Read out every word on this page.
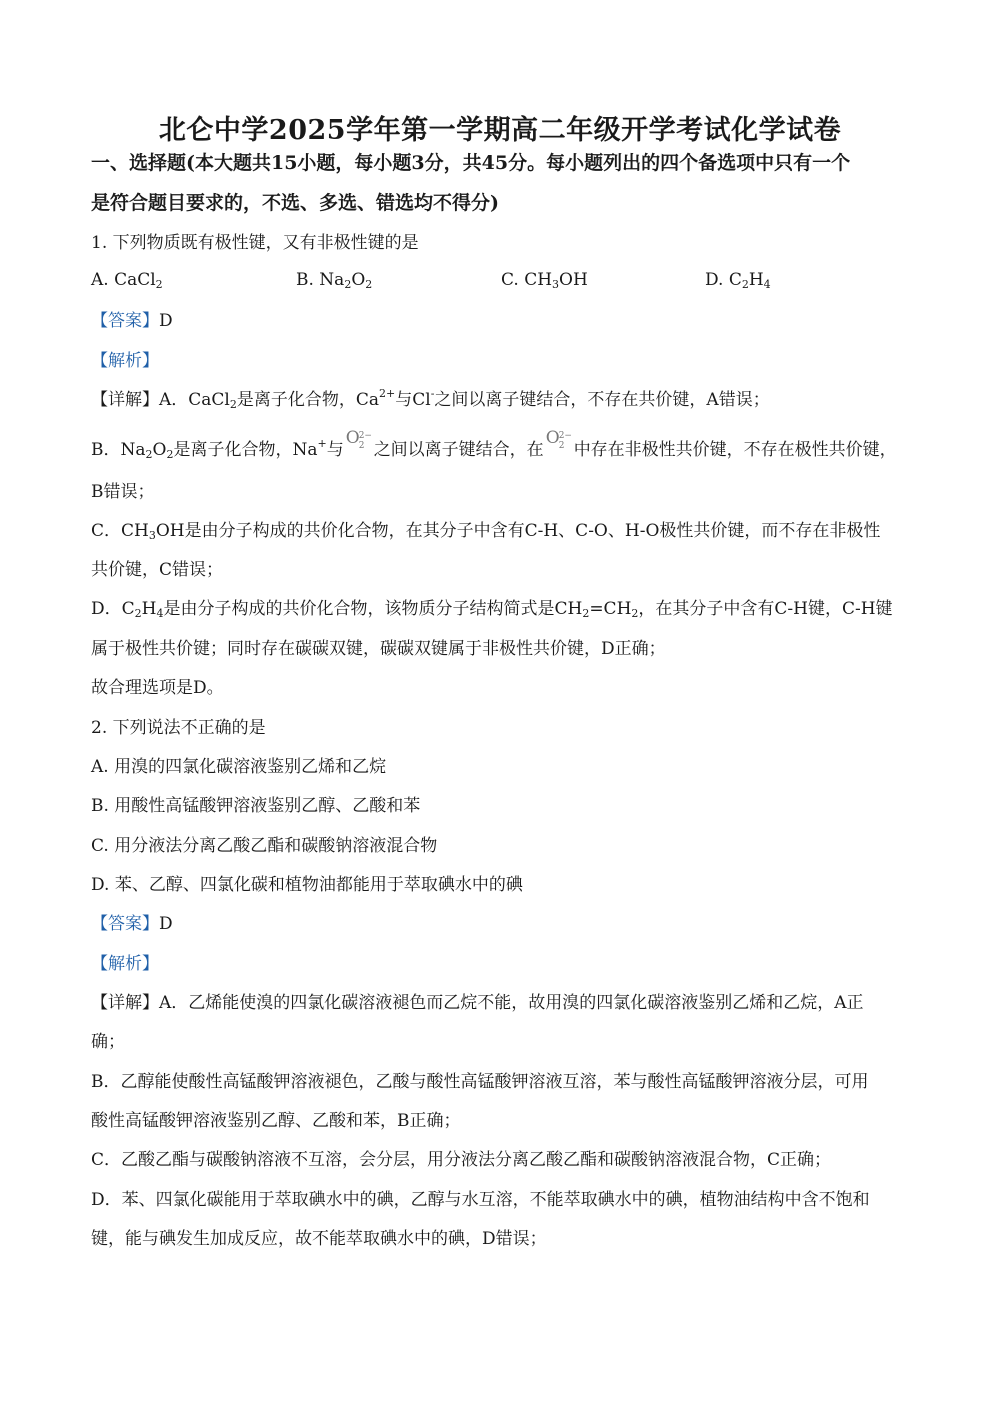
北仑中学2025学年第一学期高二年级开学考试化学试卷
一、选择题(本大题共15小题，每小题3分，共45分。每小题列出的四个备选项中只有一个
是符合题目要求的，不选、多选、错选均不得分)
1. 下列物质既有极性键，又有非极性键的是
A. CaCl$_2$	B. $Na_2O_2$	C. $CH_3OH$	D. $C_2H_4$
【答案】D
【解析】
【详解】A．CaCl$_2$是离子化合物，$Ca^{2+}$与Cl-之间以离子键结合，不存在共价键，A错误；
B．$Na_2O_2$是离子化合物，Na+与
O 2−
2 之间以离子键结合，在
O 2−
2 中存在非极性共价键，不存在极性共价键，
B错误；
C．$CH_3OH$是由分子构成的共价化合物，在其分子中含有C-H、C-O、H-O极性共价键，而不存在非极性
共价键，C错误；
D．$C_2H_4$是由分子构成的共价化合物，该物质分子结构简式是$CH_2=CH_2$，在其分子中含有C-H键，C-H键
属于极性共价键；同时存在碳碳双键，碳碳双键属于非极性共价键，D正确；
故合理选项是D。
2. 下列说法不正确的是
A. 用溴的四氯化碳溶液鉴别乙烯和乙烷
B. 用酸性高锰酸钾溶液鉴别乙醇、乙酸和苯
C. 用分液法分离乙酸乙酯和碳酸钠溶液混合物
D. 苯、乙醇、四氯化碳和植物油都能用于萃取碘水中的碘
【答案】D
【解析】
【详解】A．乙烯能使溴的四氯化碳溶液褪色而乙烷不能，故用溴的四氯化碳溶液鉴别乙烯和乙烷，A正
确；
B．乙醇能使酸性高锰酸钾溶液褪色，乙酸与酸性高锰酸钾溶液互溶，苯与酸性高锰酸钾溶液分层，可用
酸性高锰酸钾溶液鉴别乙醇、乙酸和苯，B正确；
C．乙酸乙酯与碳酸钠溶液不互溶，会分层，用分液法分离乙酸乙酯和碳酸钠溶液混合物，C正确；
D．苯、四氯化碳能用于萃取碘水中的碘，乙醇与水互溶，不能萃取碘水中的碘，植物油结构中含不饱和
键，能与碘发生加成反应，故不能萃取碘水中的碘，D错误；
